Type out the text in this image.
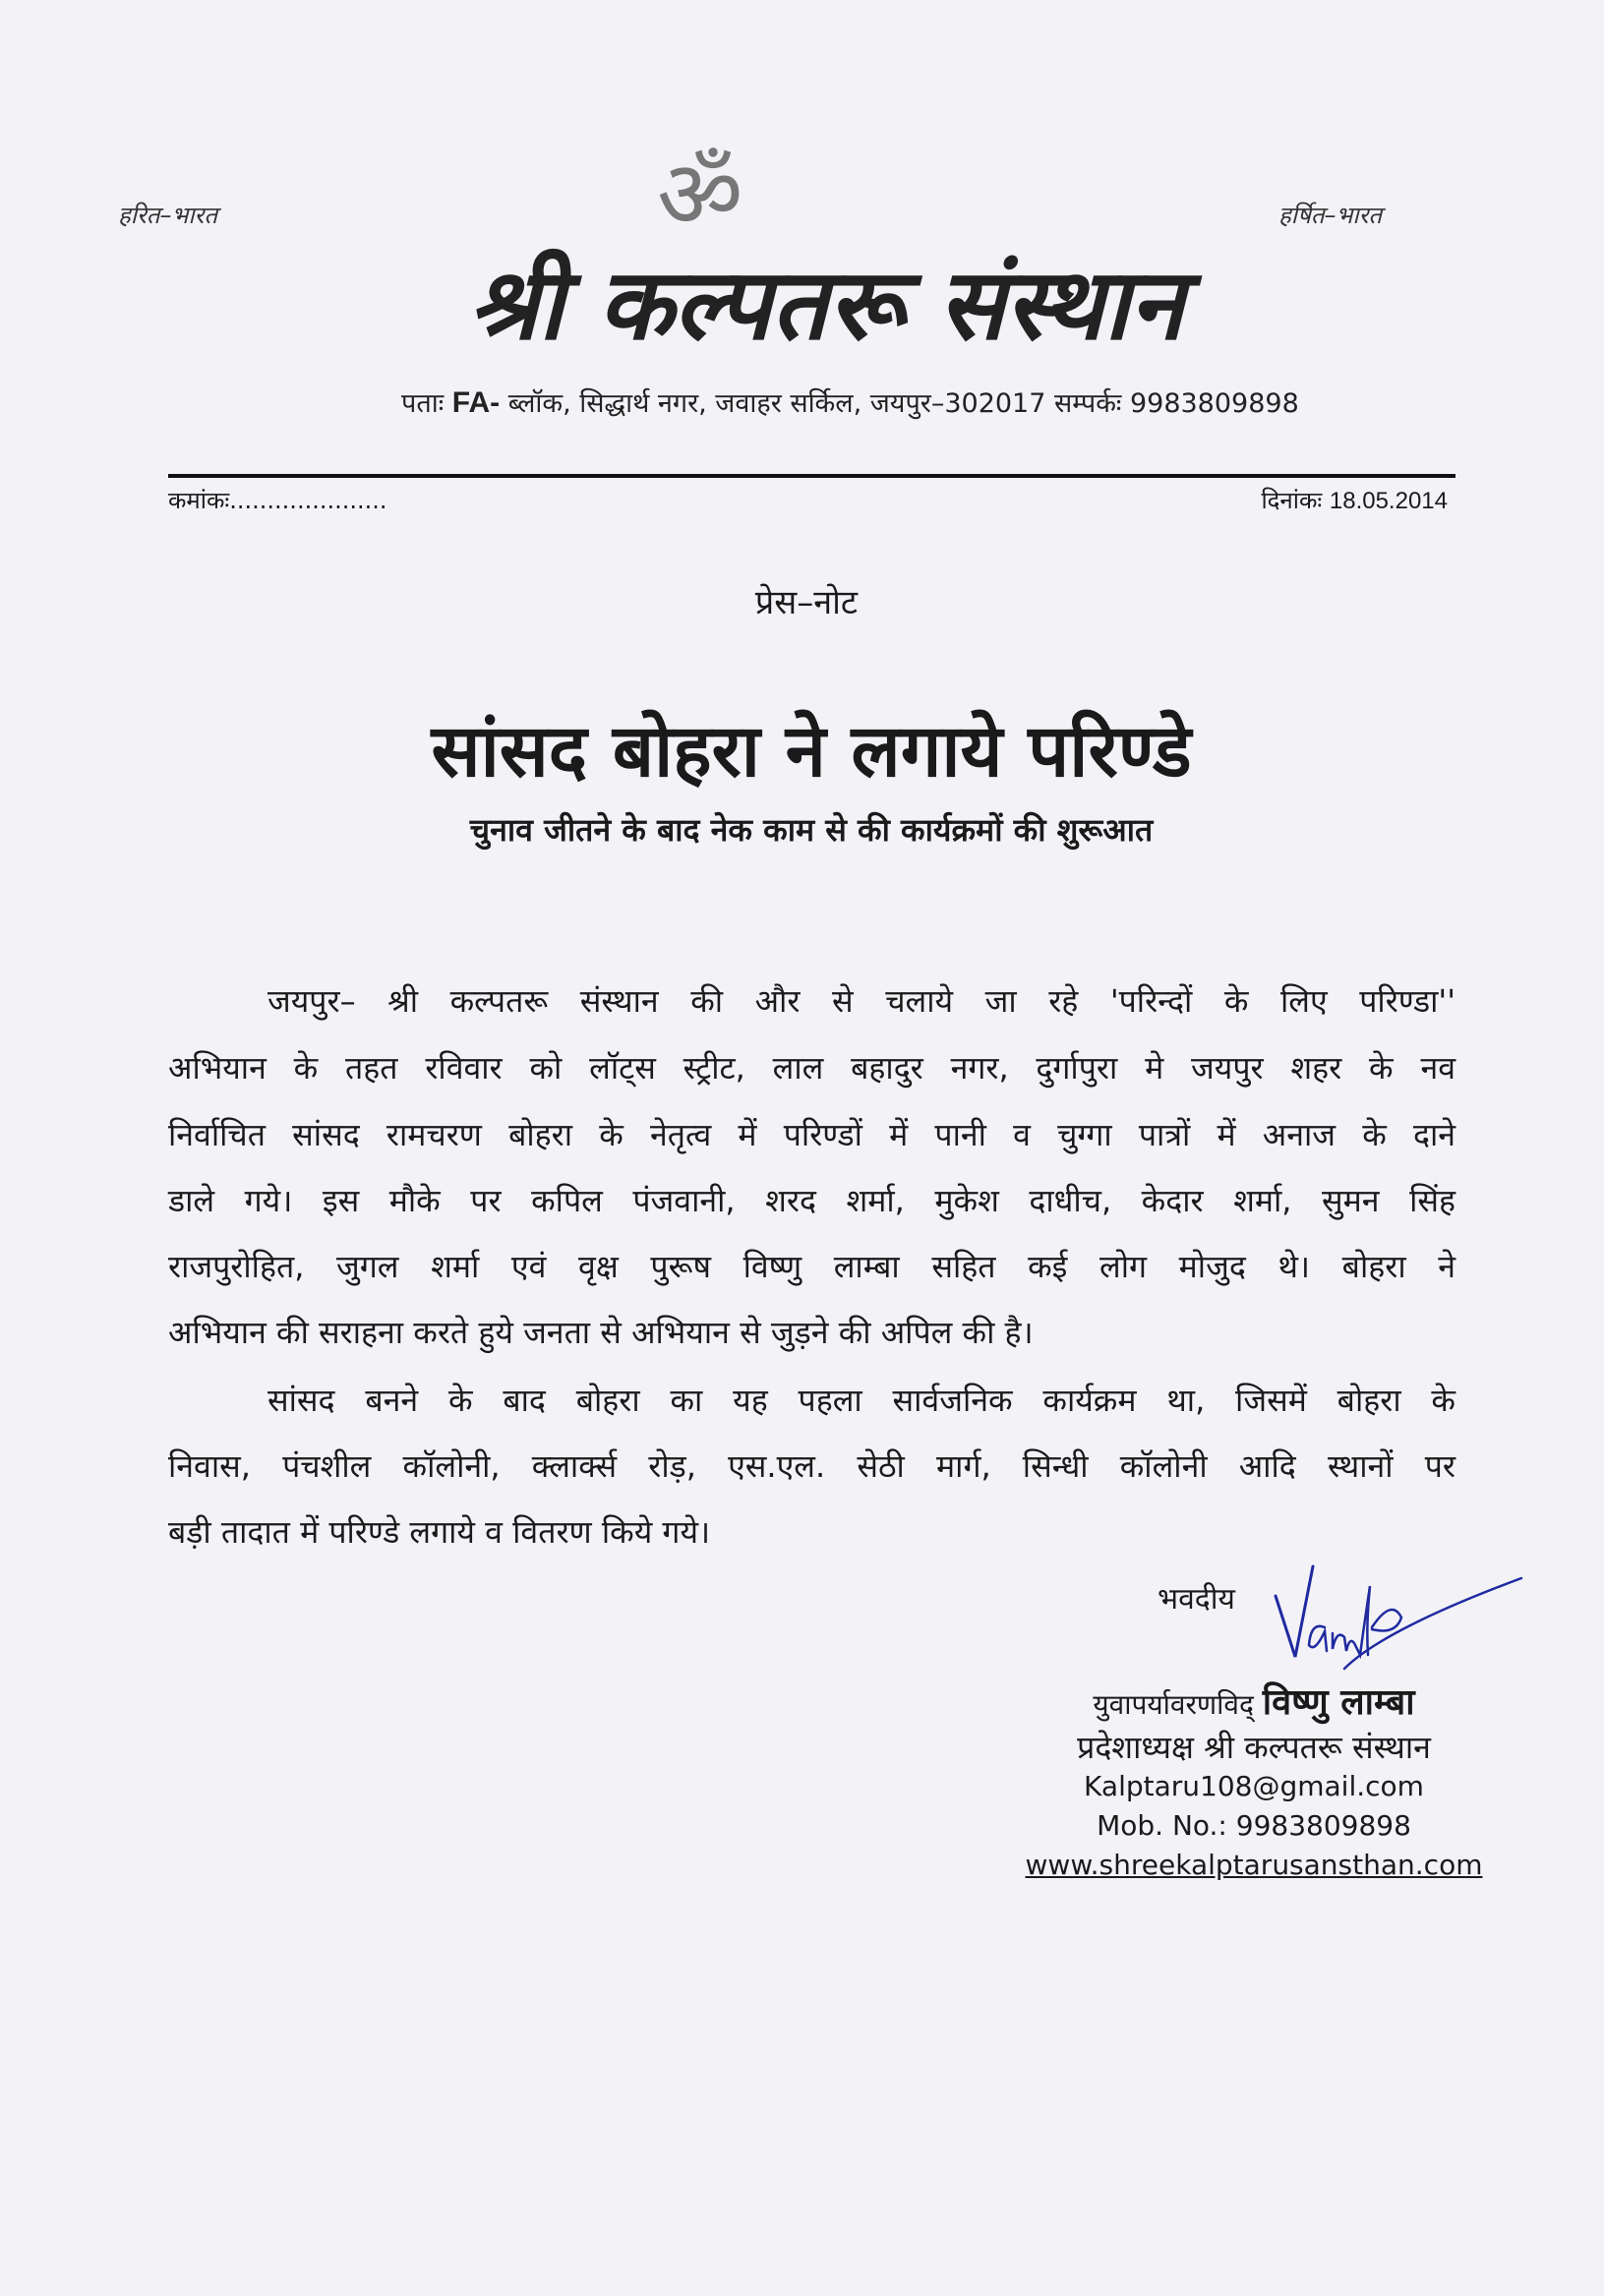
हरित–भारत	हर्षित–भारत
ॐ
श्री कल्पतरू संस्थान
पताः FA- ब्लॉक, सिद्धार्थ नगर, जवाहर सर्किल, जयपुर–302017 सम्पर्कः 9983809898
कमांकः.....................	दिनांकः 18.05.2014
प्रेस–नोट
सांसद बोहरा ने लगाये परिण्डे
चुनाव जीतने के बाद नेक काम से की कार्यक्रमों की शुरूआत
जयपुर– श्री कल्पतरू संस्थान की और से चलाये जा रहे 'परिन्दों के लिए परिण्डा''
अभियान के तहत रविवार को लॉट्स स्ट्रीट, लाल बहादुर नगर, दुर्गापुरा मे जयपुर शहर के नव
निर्वाचित सांसद रामचरण बोहरा के नेतृत्व में परिण्डों में पानी व चुग्गा पात्रों में अनाज के दाने
डाले गये। इस मौके पर कपिल पंजवानी, शरद शर्मा, मुकेश दाधीच, केदार शर्मा, सुमन सिंह
राजपुरोहित, जुगल शर्मा एवं वृक्ष पुरूष विष्णु लाम्बा सहित कई लोग मोजुद थे। बोहरा ने
अभियान की सराहना करते हुये जनता से अभियान से जुड़ने की अपिल की है।
सांसद बनने के बाद बोहरा का यह पहला सार्वजनिक कार्यक्रम था, जिसमें बोहरा के
निवास, पंचशील कॉलोनी, क्लार्क्स रोड़, एस.एल. सेठी मार्ग, सिन्धी कॉलोनी आदि स्थानों पर
बड़ी तादात में परिण्डे लगाये व वितरण किये गये।
भवदीय
युवापर्यावरणविद् विष्णु लाम्बा
प्रदेशाध्यक्ष श्री कल्पतरू संस्थान
Kalptaru108@gmail.com
Mob. No.: 9983809898
www.shreekalptarusansthan.com
